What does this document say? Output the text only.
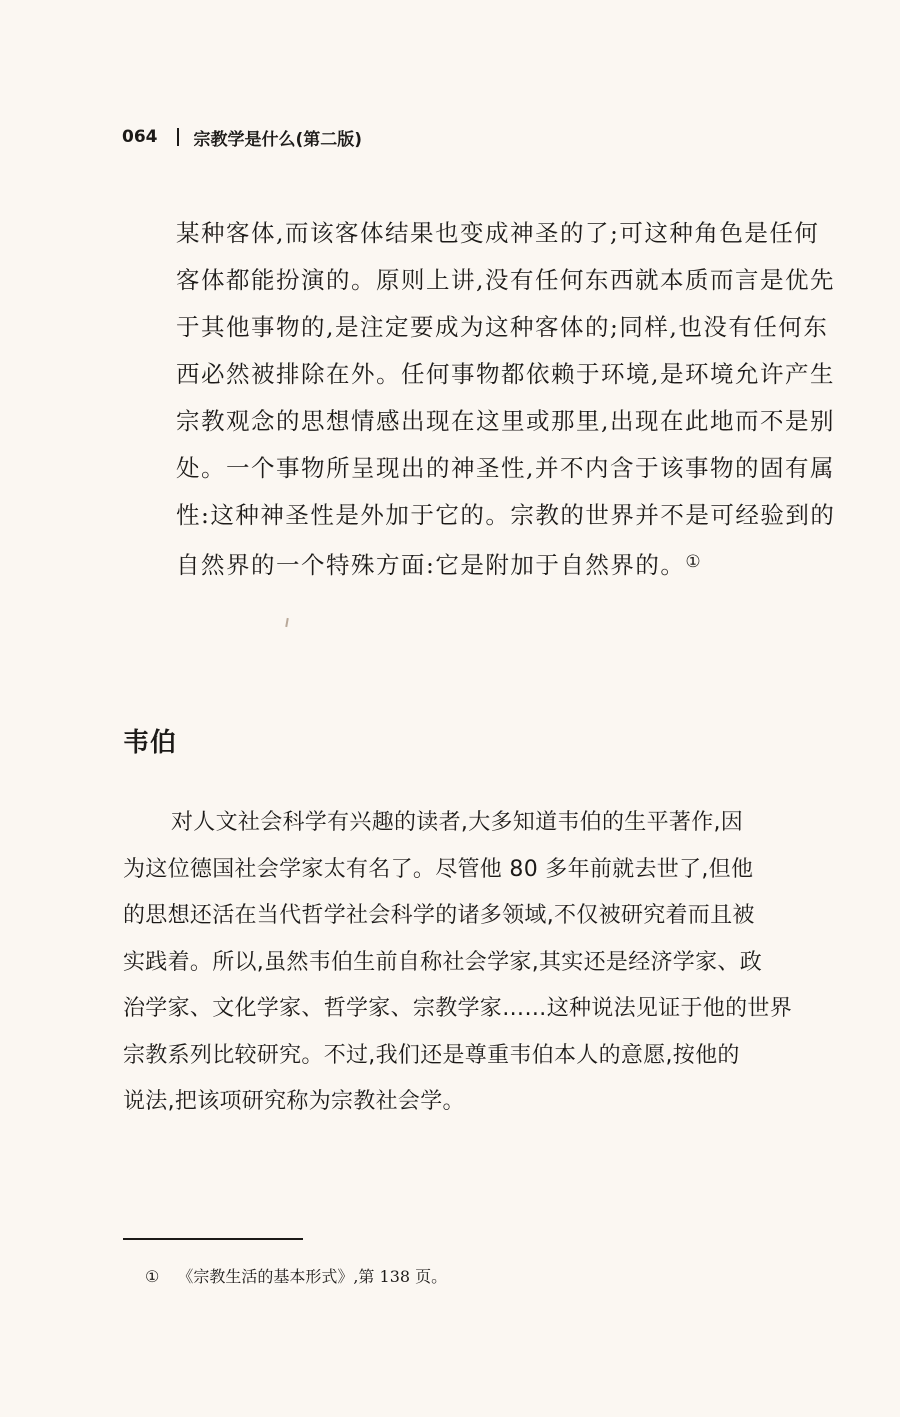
064 宗教学是什么(第二版)
某种客体,而该客体结果也变成神圣的了;可这种角色是任何
客体都能扮演的。原则上讲,没有任何东西就本质而言是优先
于其他事物的,是注定要成为这种客体的;同样,也没有任何东
西必然被排除在外。任何事物都依赖于环境,是环境允许产生
宗教观念的思想情感出现在这里或那里,出现在此地而不是别
处。一个事物所呈现出的神圣性,并不内含于该事物的固有属
性:这种神圣性是外加于它的。宗教的世界并不是可经验到的
自然界的一个特殊方面:它是附加于自然界的。①
韦伯
对人文社会科学有兴趣的读者,大多知道韦伯的生平著作,因
为这位德国社会学家太有名了。尽管他 80 多年前就去世了,但他
的思想还活在当代哲学社会科学的诸多领域,不仅被研究着而且被
实践着。所以,虽然韦伯生前自称社会学家,其实还是经济学家、政
治学家、文化学家、哲学家、宗教学家……这种说法见证于他的世界
宗教系列比较研究。不过,我们还是尊重韦伯本人的意愿,按他的
说法,把该项研究称为宗教社会学。
① 《宗教生活的基本形式》,第 138 页。
